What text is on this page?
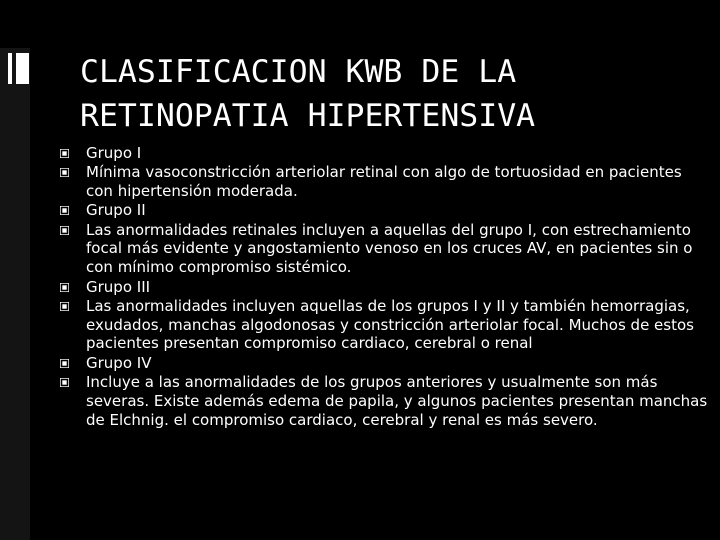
CLASIFICACION KWB DE LA RETINOPATIA HIPERTENSIVA
Grupo I
Mínima vasoconstricción arteriolar retinal con algo de tortuosidad en pacientes con hipertensión moderada.
Grupo II
Las anormalidades retinales incluyen a aquellas del grupo I, con estrechamiento focal más evidente y angostamiento venoso en los cruces AV, en pacientes sin o con mínimo compromiso sistémico.
Grupo III
Las anormalidades incluyen aquellas de los grupos I y II y también hemorragias, exudados, manchas algodonosas y constricción arteriolar focal. Muchos de estos pacientes presentan compromiso cardiaco, cerebral o renal
Grupo IV
Incluye a las anormalidades de los grupos anteriores y usualmente son más severas. Existe además edema de papila, y algunos pacientes presentan manchas de Elchnig. el compromiso cardiaco, cerebral y renal es más severo.
